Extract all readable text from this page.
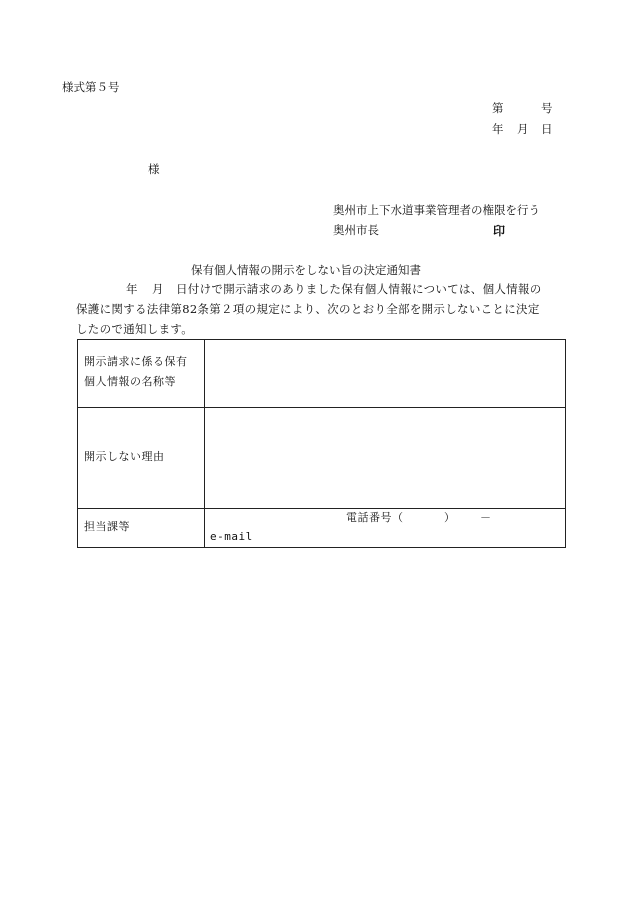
様式第５号
第	号
年 月 日
様
奥州市上下水道事業管理者の権限を行う
奥州市長	印
保有個人情報の開示をしない旨の決定通知書
年 月 日付けで開示請求のありました保有個人情報については、個人情報の
保護に関する法律第82条第２項の規定により、次のとおり全部を開示しないことに決定
したので通知します。
開示請求に係る保有
個人情報の名称等
開示しない理由
担当課等
電話番号（	） －
e-mail
